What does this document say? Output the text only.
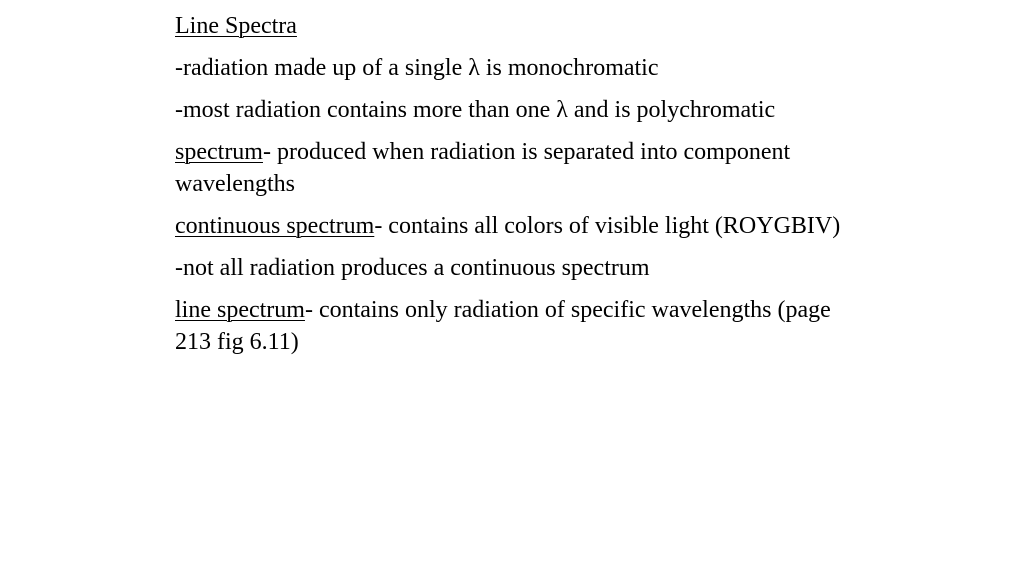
Line Spectra

-radiation made up of a single λ is monochromatic

-most radiation contains more than one λ and is polychromatic

spectrum- produced when radiation is separated into component wavelengths

continuous spectrum- contains all colors of visible light (ROYGBIV)

-not all radiation produces a continuous spectrum

line spectrum- contains only radiation of specific wavelengths (page 213 fig 6.11)
